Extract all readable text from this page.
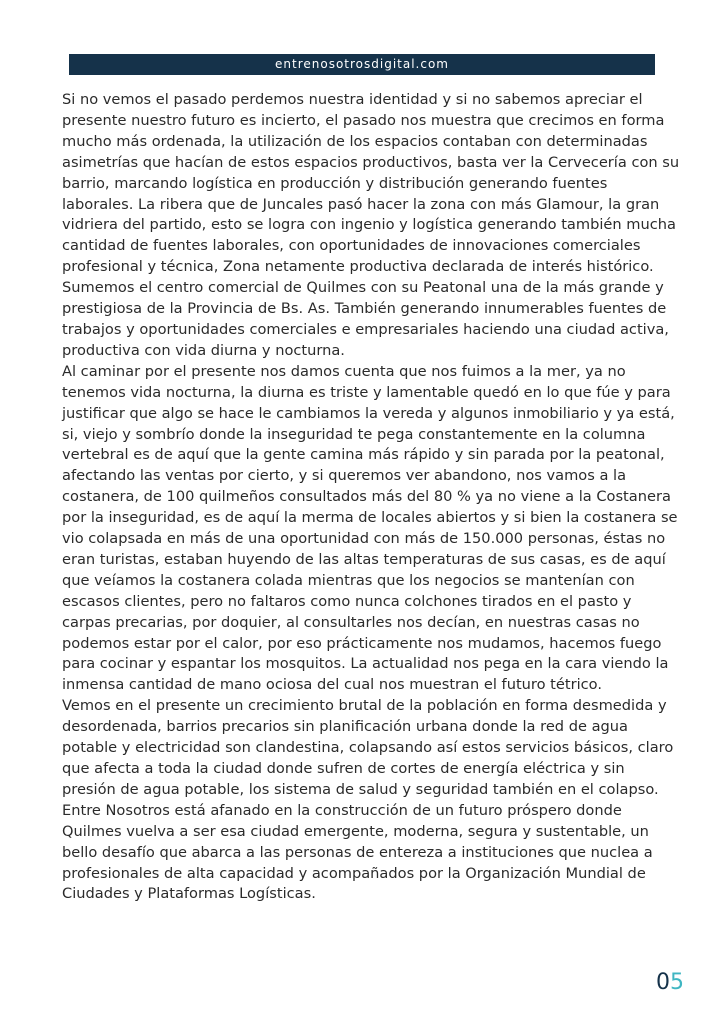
entrenosotrosdigital.com

Si no vemos el pasado perdemos nuestra identidad y si no sabemos apreciar el presente nuestro futuro es incierto, el pasado nos muestra que crecimos en forma mucho más ordenada, la utilización de los espacios contaban con determinadas asimetrías que hacían de estos espacios productivos, basta ver la Cervecería con su barrio, marcando logística en producción y distribución generando fuentes laborales. La ribera que de Juncales pasó hacer la zona con más Glamour, la gran vidriera del partido, esto se logra con ingenio y logística generando también mucha cantidad de fuentes laborales, con oportunidades de innovaciones comerciales profesional y técnica, Zona netamente productiva declarada de interés histórico. Sumemos el centro comercial de Quilmes con su Peatonal una de la más grande y prestigiosa de la Provincia de Bs. As. También generando innumerables fuentes de trabajos y oportunidades comerciales e empresariales haciendo una ciudad activa, productiva con vida diurna y nocturna.

Al caminar por el presente nos damos cuenta que nos fuimos a la mer, ya no tenemos vida nocturna, la diurna es triste y lamentable quedó en lo que fúe y para justificar que algo se hace le cambiamos la vereda y algunos inmobiliario y ya está, si, viejo y sombrío donde la inseguridad te pega constantemente en la columna vertebral es de aquí que la gente camina más rápido y sin parada por la peatonal, afectando las ventas por cierto, y si queremos ver abandono, nos vamos a la costanera, de 100 quilmeños consultados más del 80 % ya no viene a la Costanera por la inseguridad, es de aquí la merma de locales abiertos y si bien la costanera se vio colapsada en más de una oportunidad con más de 150.000 personas, éstas no eran turistas, estaban huyendo de las altas temperaturas de sus casas, es de aquí que veíamos la costanera colada mientras que los negocios se mantenían con escasos clientes, pero no faltaros como nunca colchones tirados en el pasto y carpas precarias, por doquier, al consultarles nos decían, en nuestras casas no podemos estar por el calor, por eso prácticamente nos mudamos, hacemos fuego para cocinar y espantar los mosquitos. La actualidad nos pega en la cara viendo la inmensa cantidad de mano ociosa del cual nos muestran el futuro tétrico.

Vemos en el presente un crecimiento brutal de la población en forma desmedida y desordenada, barrios precarios sin planificación urbana donde la red de agua potable y electricidad son clandestina, colapsando así estos servicios básicos, claro que afecta a toda la ciudad donde sufren de cortes de energía eléctrica y sin presión de agua potable, los sistema de salud y seguridad también en el colapso.

Entre Nosotros está afanado en la construcción de un futuro próspero donde Quilmes vuelva a ser esa ciudad emergente, moderna, segura y sustentable, un bello desafío que abarca a las personas de entereza a instituciones que nuclea a profesionales de alta capacidad y acompañados por la Organización Mundial de Ciudades y Plataformas Logísticas.

05
